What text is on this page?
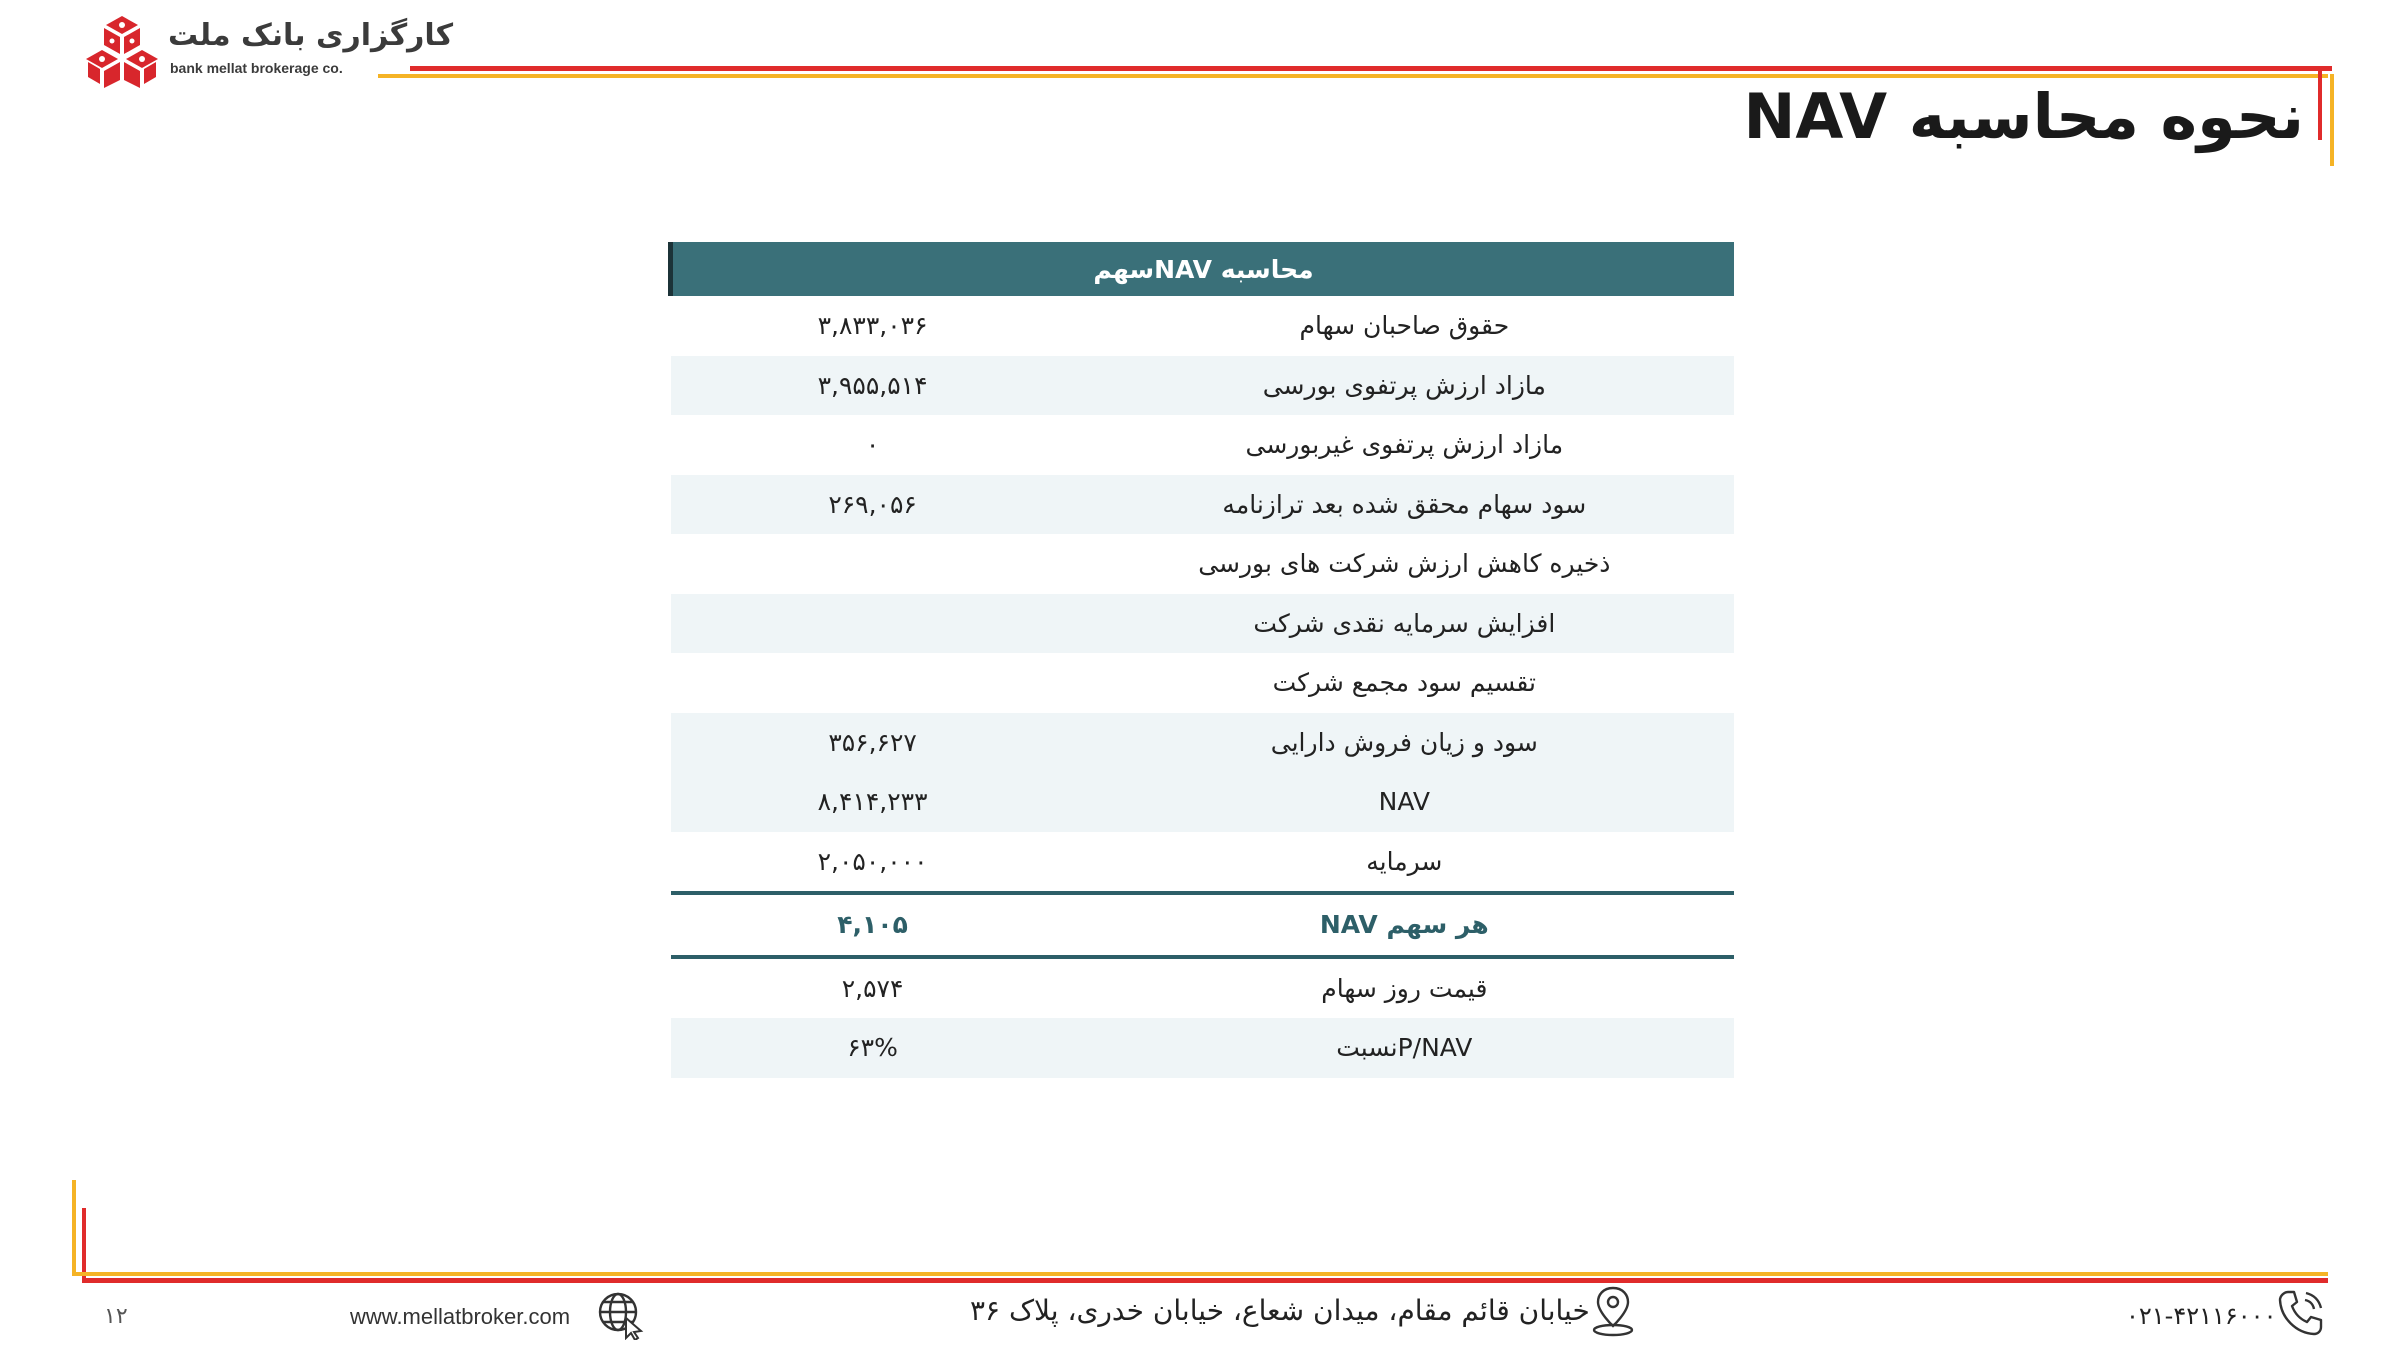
کارگزاری بانک ملت
bank mellat brokerage co.
نحوه محاسبه NAV
محاسبه NAVسهم	
حقوق صاحبان سهام	۳,۸۳۳,۰۳۶
مازاد ارزش پرتفوی بورسی	۳,۹۵۵,۵۱۴
مازاد ارزش پرتفوی غیربورسی	۰
سود سهام محقق شده بعد ترازنامه	۲۶۹,۰۵۶
ذخیره کاهش ارزش شرکت های بورسی	
افزایش سرمایه نقدی شرکت	
تقسیم سود مجمع شرکت	
سود و زیان فروش دارایی	۳۵۶,۶۲۷
NAV	۸,۴۱۴,۲۳۳
سرمایه	۲,۰۵۰,۰۰۰
هر سهم NAV	۴,۱۰۵
قیمت روز سهام	۲,۵۷۴
P/NAVنسبت	۶۳%
۱۲	www.mellatbroker.com	خیابان قائم مقام، میدان شعاع، خیابان خدری، پلاک ۳۶	۰۲۱-۴۲۱۱۶۰۰۰
